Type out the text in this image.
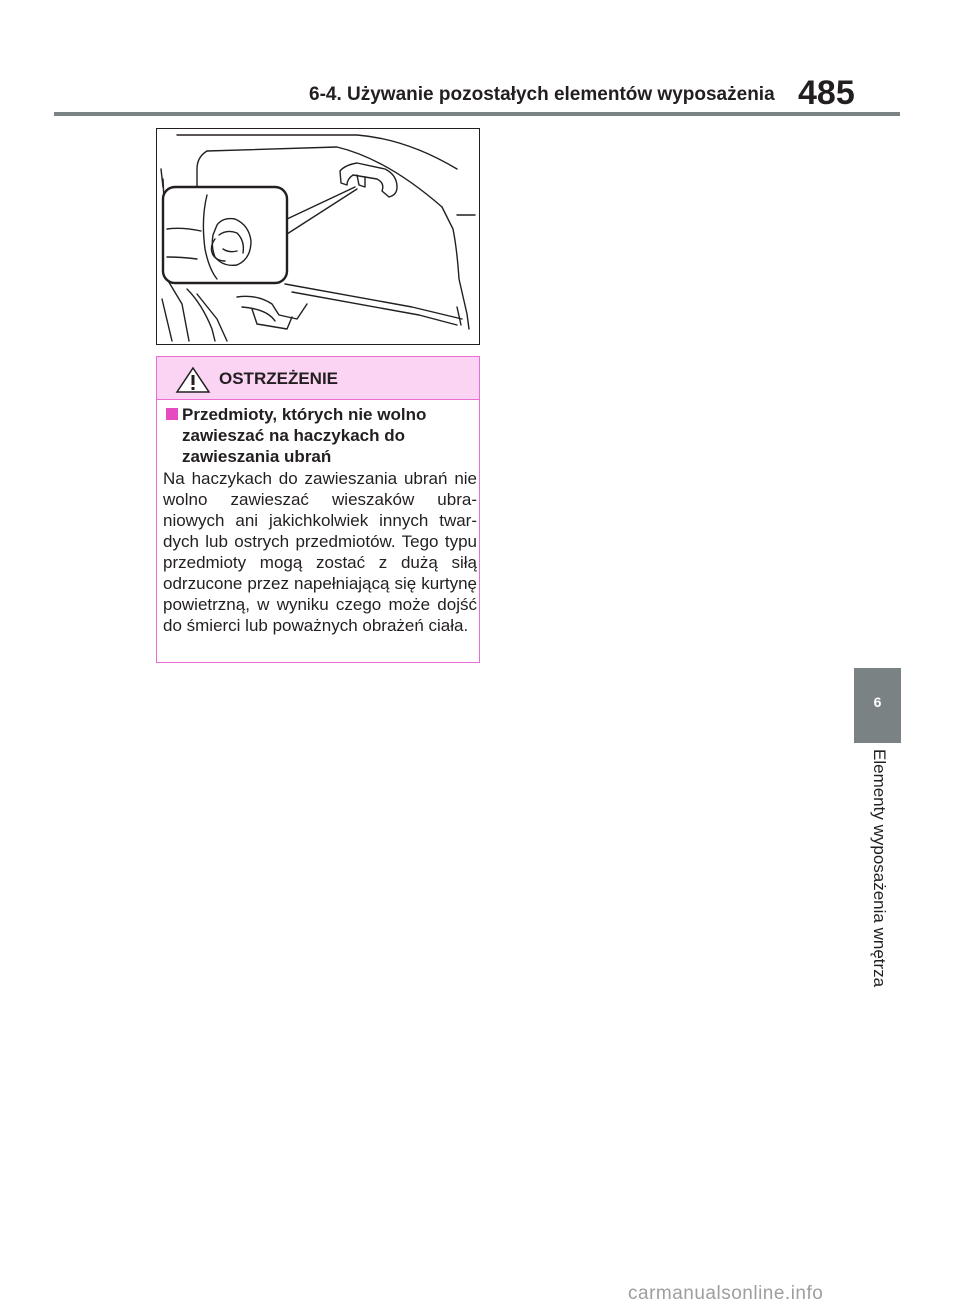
6-4. Używanie pozostałych elementów wyposażenia 485
OSTRZEŻENIE
Przedmioty, których nie wolno zawieszać na haczykach do zawieszania ubrań
Na haczykach do zawieszania ubrań nie wolno zawieszać wieszaków ubra-niowych ani jakichkolwiek innych twar-dych lub ostrych przedmiotów. Tego typu przedmioty mogą zostać z dużą siłą odrzucone przez napełniającą się kurtynę powietrzną, w wyniku czego może dojść do śmierci lub poważnych obrażeń ciała.
6
Elementy wyposażenia wnętrza
carmanualsonline.info
